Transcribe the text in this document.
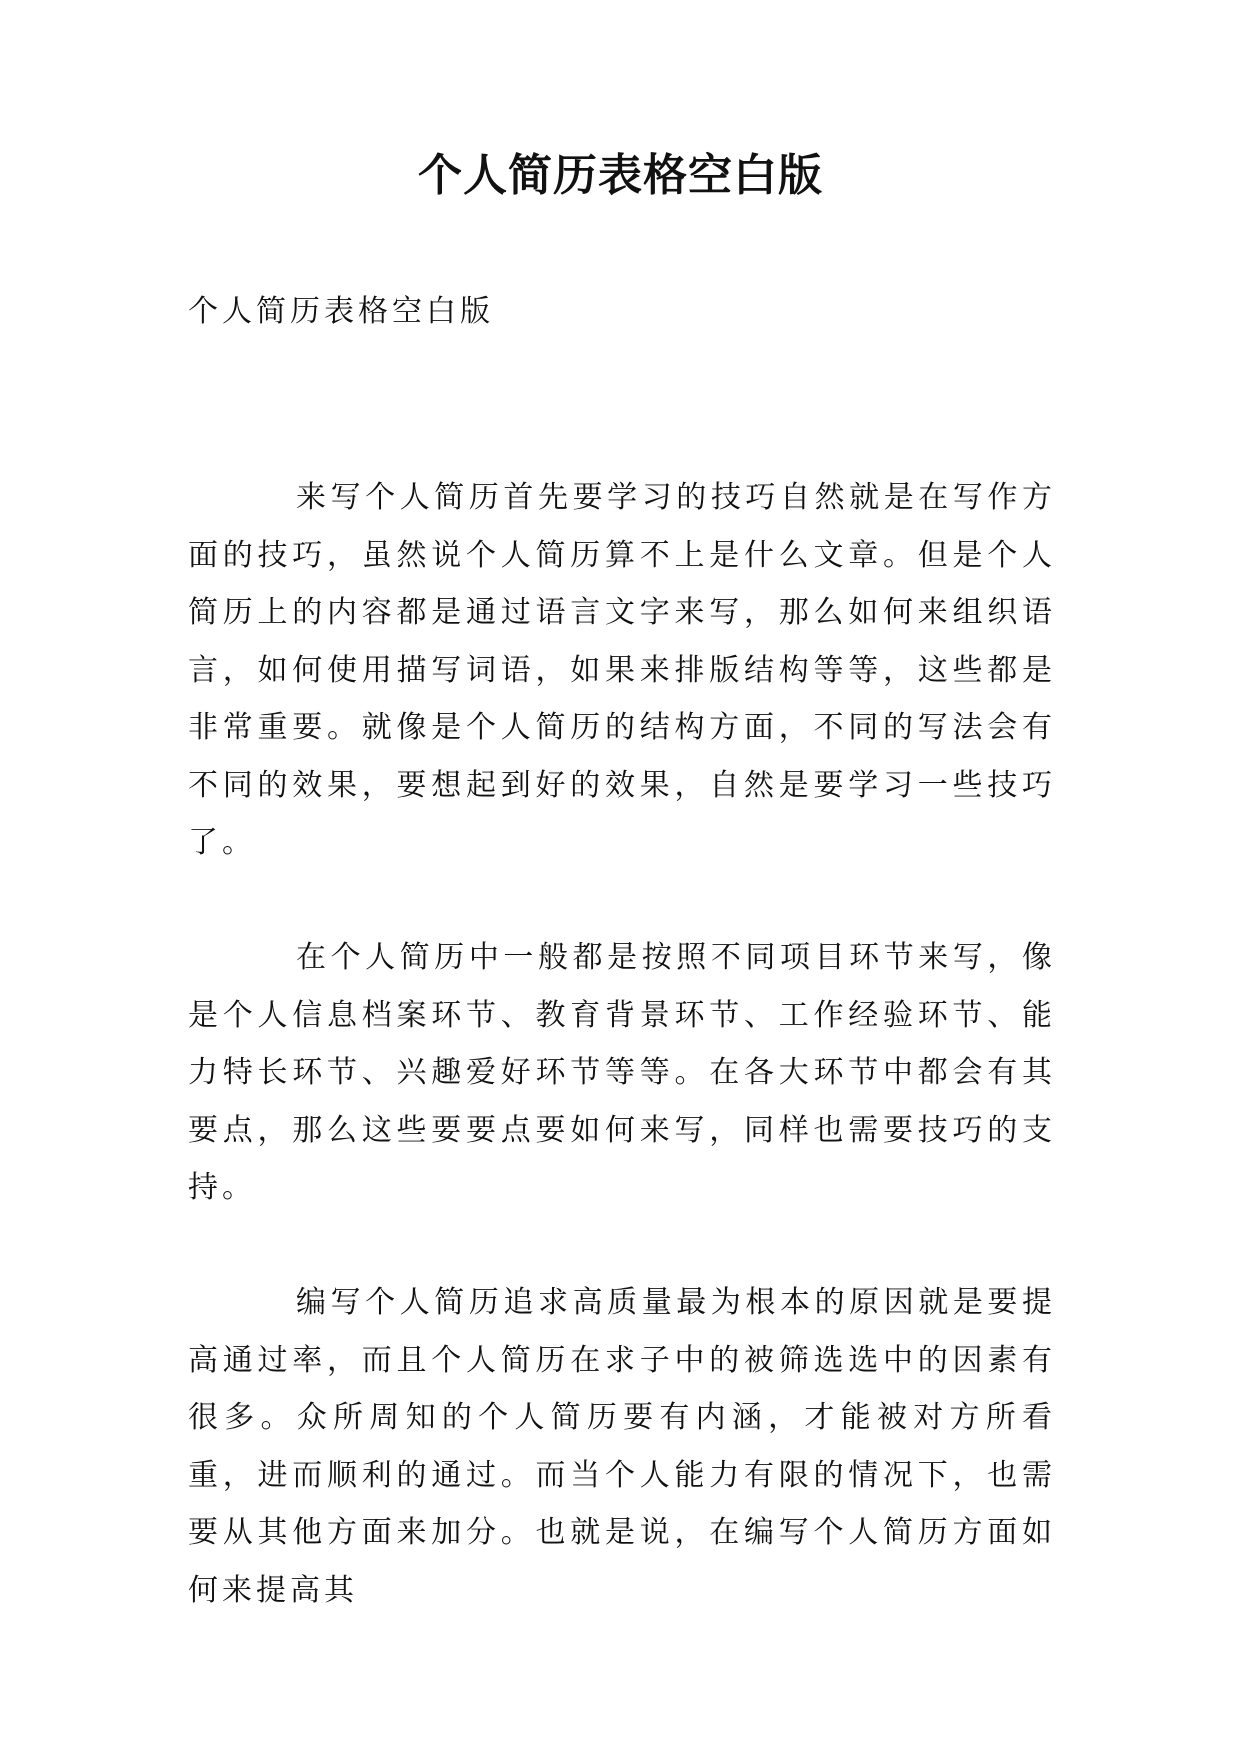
个人简历表格空白版

个人简历表格空白版

来写个人简历首先要学习的技巧自然就是在写作方面的技巧，虽然说个人简历算不上是什么文章。但是个人简历上的内容都是通过语言文字来写，那么如何来组织语言，如何使用描写词语，如果来排版结构等等，这些都是非常重要。就像是个人简历的结构方面，不同的写法会有不同的效果，要想起到好的效果，自然是要学习一些技巧了。

在个人简历中一般都是按照不同项目环节来写，像是个人信息档案环节、教育背景环节、工作经验环节、能力特长环节、兴趣爱好环节等等。在各大环节中都会有其要点，那么这些要要点要如何来写，同样也需要技巧的支持。

编写个人简历追求高质量最为根本的原因就是要提高通过率，而且个人简历在求子中的被筛选选中的因素有很多。众所周知的个人简历要有内涵，才能被对方所看重，进而顺利的通过。而当个人能力有限的情况下，也需要从其他方面来加分。也就是说，在编写个人简历方面如何来提高其
